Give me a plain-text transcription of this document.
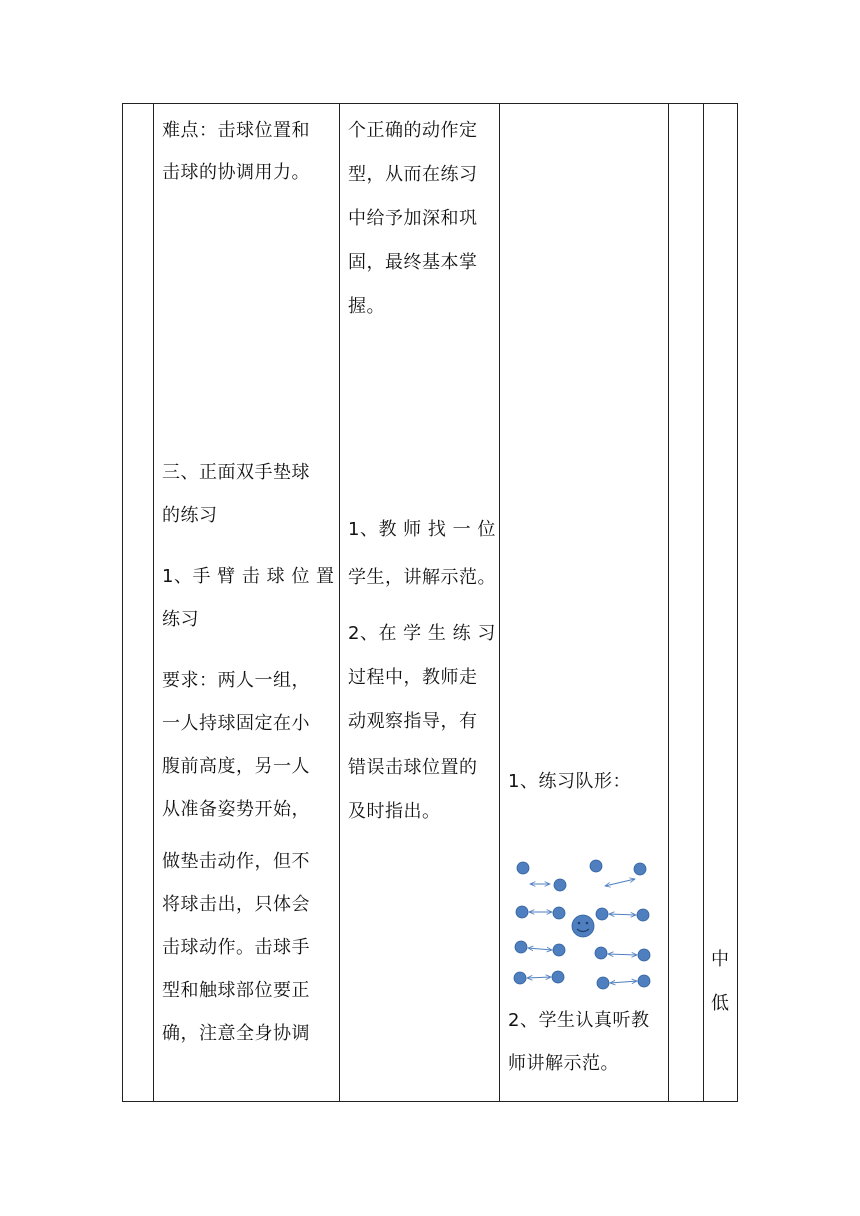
难点：击球位置和
击球的协调用力。
三、正面双手垫球
的练习
1、手 臂 击 球 位 置
练习
要求：两人一组，
一人持球固定在小
腹前高度，另一人
从准备姿势开始，
做垫击动作，但不
将球击出，只体会
击球动作。击球手
型和触球部位要正
确，注意全身协调
个正确的动作定
型，从而在练习
中给予加深和巩
固，最终基本掌
握。
1、教 师 找 一 位
学生，讲解示范。
2、在 学 生 练 习
过程中，教师走
动观察指导，有
错误击球位置的
及时指出。
1、练习队形：
2、学生认真听教
师讲解示范。
中
低
